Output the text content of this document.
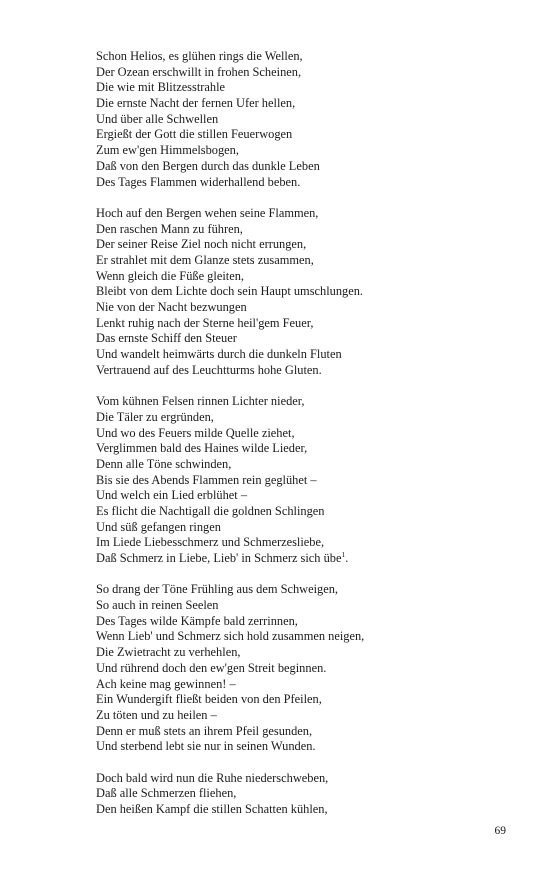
Schon Helios, es glühen rings die Wellen,
Der Ozean erschwillt in frohen Scheinen,
Die wie mit Blitzesstrahle
Die ernste Nacht der fernen Ufer hellen,
Und über alle Schwellen
Ergießt der Gott die stillen Feuerwogen
Zum ew'gen Himmelsbogen,
Daß von den Bergen durch das dunkle Leben
Des Tages Flammen widerhallend beben.
Hoch auf den Bergen wehen seine Flammen,
Den raschen Mann zu führen,
Der seiner Reise Ziel noch nicht errungen,
Er strahlet mit dem Glanze stets zusammen,
Wenn gleich die Füße gleiten,
Bleibt von dem Lichte doch sein Haupt umschlungen.
Nie von der Nacht bezwungen
Lenkt ruhig nach der Sterne heil'gem Feuer,
Das ernste Schiff den Steuer
Und wandelt heimwärts durch die dunkeln Fluten
Vertrauend auf des Leuchtturms hohe Gluten.
Vom kühnen Felsen rinnen Lichter nieder,
Die Täler zu ergründen,
Und wo des Feuers milde Quelle ziehet,
Verglimmen bald des Haines wilde Lieder,
Denn alle Töne schwinden,
Bis sie des Abends Flammen rein geglühet –
Und welch ein Lied erblühet –
Es flicht die Nachtigall die goldnen Schlingen
Und süß gefangen ringen
Im Liede Liebesschmerz und Schmerzesliebe,
Daß Schmerz in Liebe, Lieb' in Schmerz sich übe$^1$.
So drang der Töne Frühling aus dem Schweigen,
So auch in reinen Seelen
Des Tages wilde Kämpfe bald zerrinnen,
Wenn Lieb' und Schmerz sich hold zusammen neigen,
Die Zwietracht zu verhehlen,
Und rührend doch den ew'gen Streit beginnen.
Ach keine mag gewinnen! –
Ein Wundergift fließt beiden von den Pfeilen,
Zu töten und zu heilen –
Denn er muß stets an ihrem Pfeil gesunden,
Und sterbend lebt sie nur in seinen Wunden.
Doch bald wird nun die Ruhe niederschweben,
Daß alle Schmerzen fliehen,
Den heißen Kampf die stillen Schatten kühlen,
69
